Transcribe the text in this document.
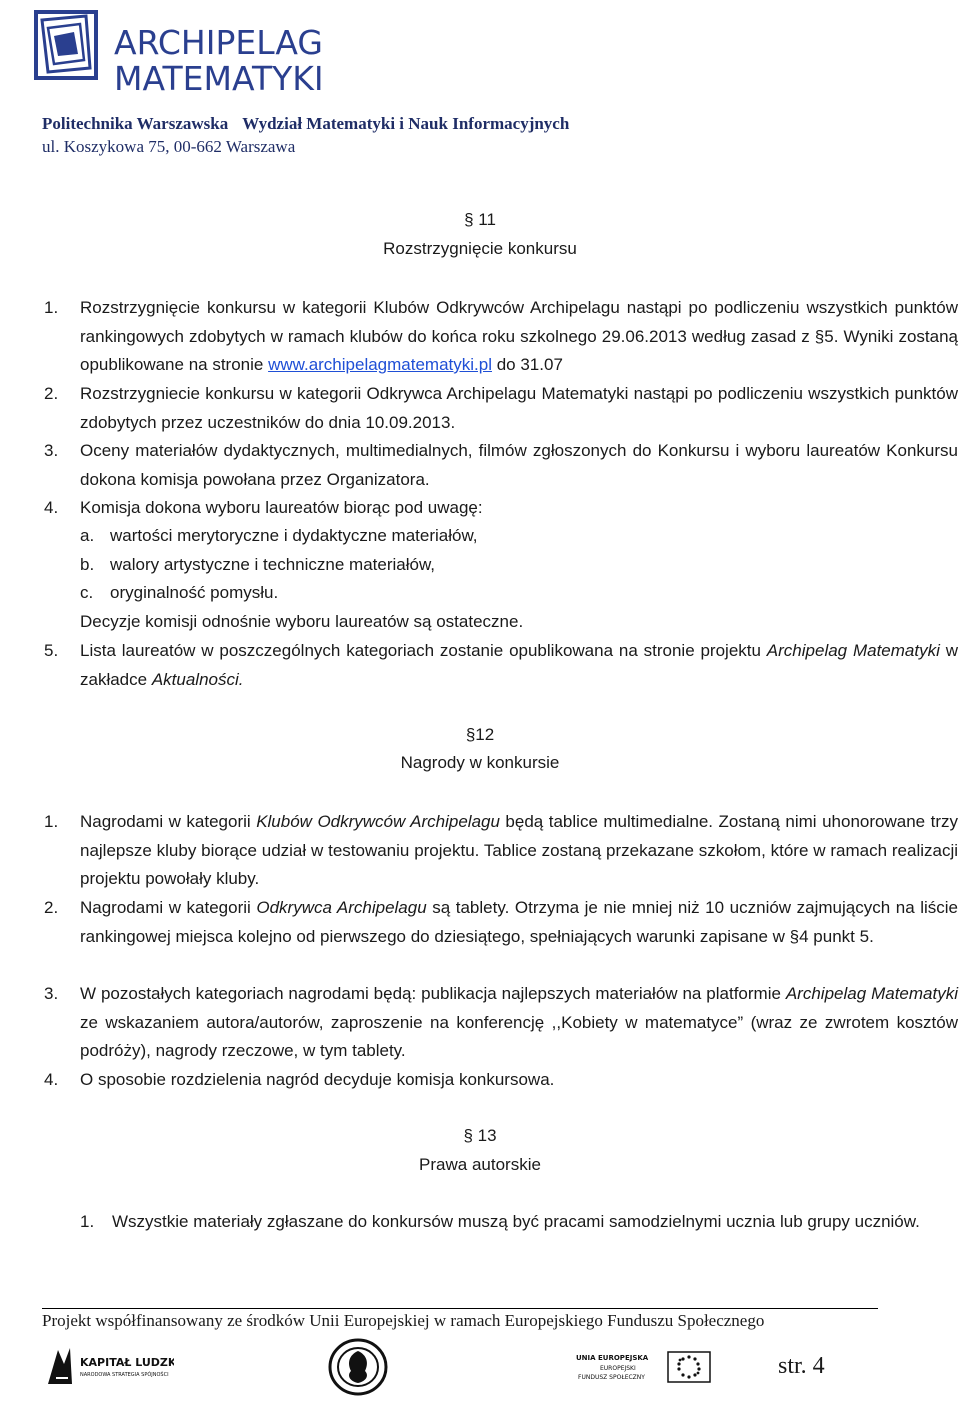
ARCHIPELAG
MATEMATYKI
Politechnika Warszawska Wydział Matematyki i Nauk Informacyjnych
ul. Koszykowa 75, 00-662 Warszawa
§ 11
Rozstrzygnięcie konkursu
1.	Rozstrzygnięcie konkursu w kategorii Klubów Odkrywców Archipelagu nastąpi po podliczeniu wszystkich punktów rankingowych zdobytych w ramach klubów do końca roku szkolnego 29.06.2013 według zasad z §5. Wyniki zostaną opublikowane na stronie www.archipelagmatematyki.pl do 31.07
2.	Rozstrzygniecie konkursu w kategorii Odkrywca Archipelagu Matematyki nastąpi po podliczeniu wszystkich punktów zdobytych przez uczestników do dnia 10.09.2013.
3.	Oceny materiałów dydaktycznych, multimedialnych, filmów zgłoszonych do Konkursu i wyboru laureatów Konkursu dokona komisja powołana przez Organizatora.
4.	Komisja dokona wyboru laureatów biorąc pod uwagę:
a. wartości merytoryczne i dydaktyczne materiałów,
b. walory artystyczne i techniczne materiałów,
c. oryginalność pomysłu.
Decyzje komisji odnośnie wyboru laureatów są ostateczne.
5.	Lista laureatów w poszczególnych kategoriach zostanie opublikowana na stronie projektu Archipelag Matematyki w zakładce Aktualności.
§12
Nagrody w konkursie
1.	Nagrodami w kategorii Klubów Odkrywców Archipelagu będą tablice multimedialne. Zostaną nimi uhonorowane trzy najlepsze kluby biorące udział w testowaniu projektu. Tablice zostaną przekazane szkołom, które w ramach realizacji projektu powołały kluby.
2.	Nagrodami w kategorii Odkrywca Archipelagu są tablety. Otrzyma je nie mniej niż 10 uczniów zajmujących na liście rankingowej miejsca kolejno od pierwszego do dziesiątego, spełniających warunki zapisane w §4 punkt 5.
3.	W pozostałych kategoriach nagrodami będą: publikacja najlepszych materiałów na platformie Archipelag Matematyki ze wskazaniem autora/autorów, zaproszenie na konferencję ,,Kobiety w matematyce” (wraz ze zwrotem kosztów podróży), nagrody rzeczowe, w tym tablety.
4.	O sposobie rozdzielenia nagród decyduje komisja konkursowa.
§ 13
Prawa autorskie
1. Wszystkie materiały zgłaszane do konkursów muszą być pracami samodzielnymi ucznia lub grupy uczniów.
Projekt współfinansowany ze środków Unii Europejskiej w ramach Europejskiego Funduszu Społecznego
KAPITAŁ LUDZKI
NARODOWA STRATEGIA SPÓJNOŚCI
UNIA EUROPEJSKA
EUROPEJSKI
FUNDUSZ SPOŁECZNY	str. 4
